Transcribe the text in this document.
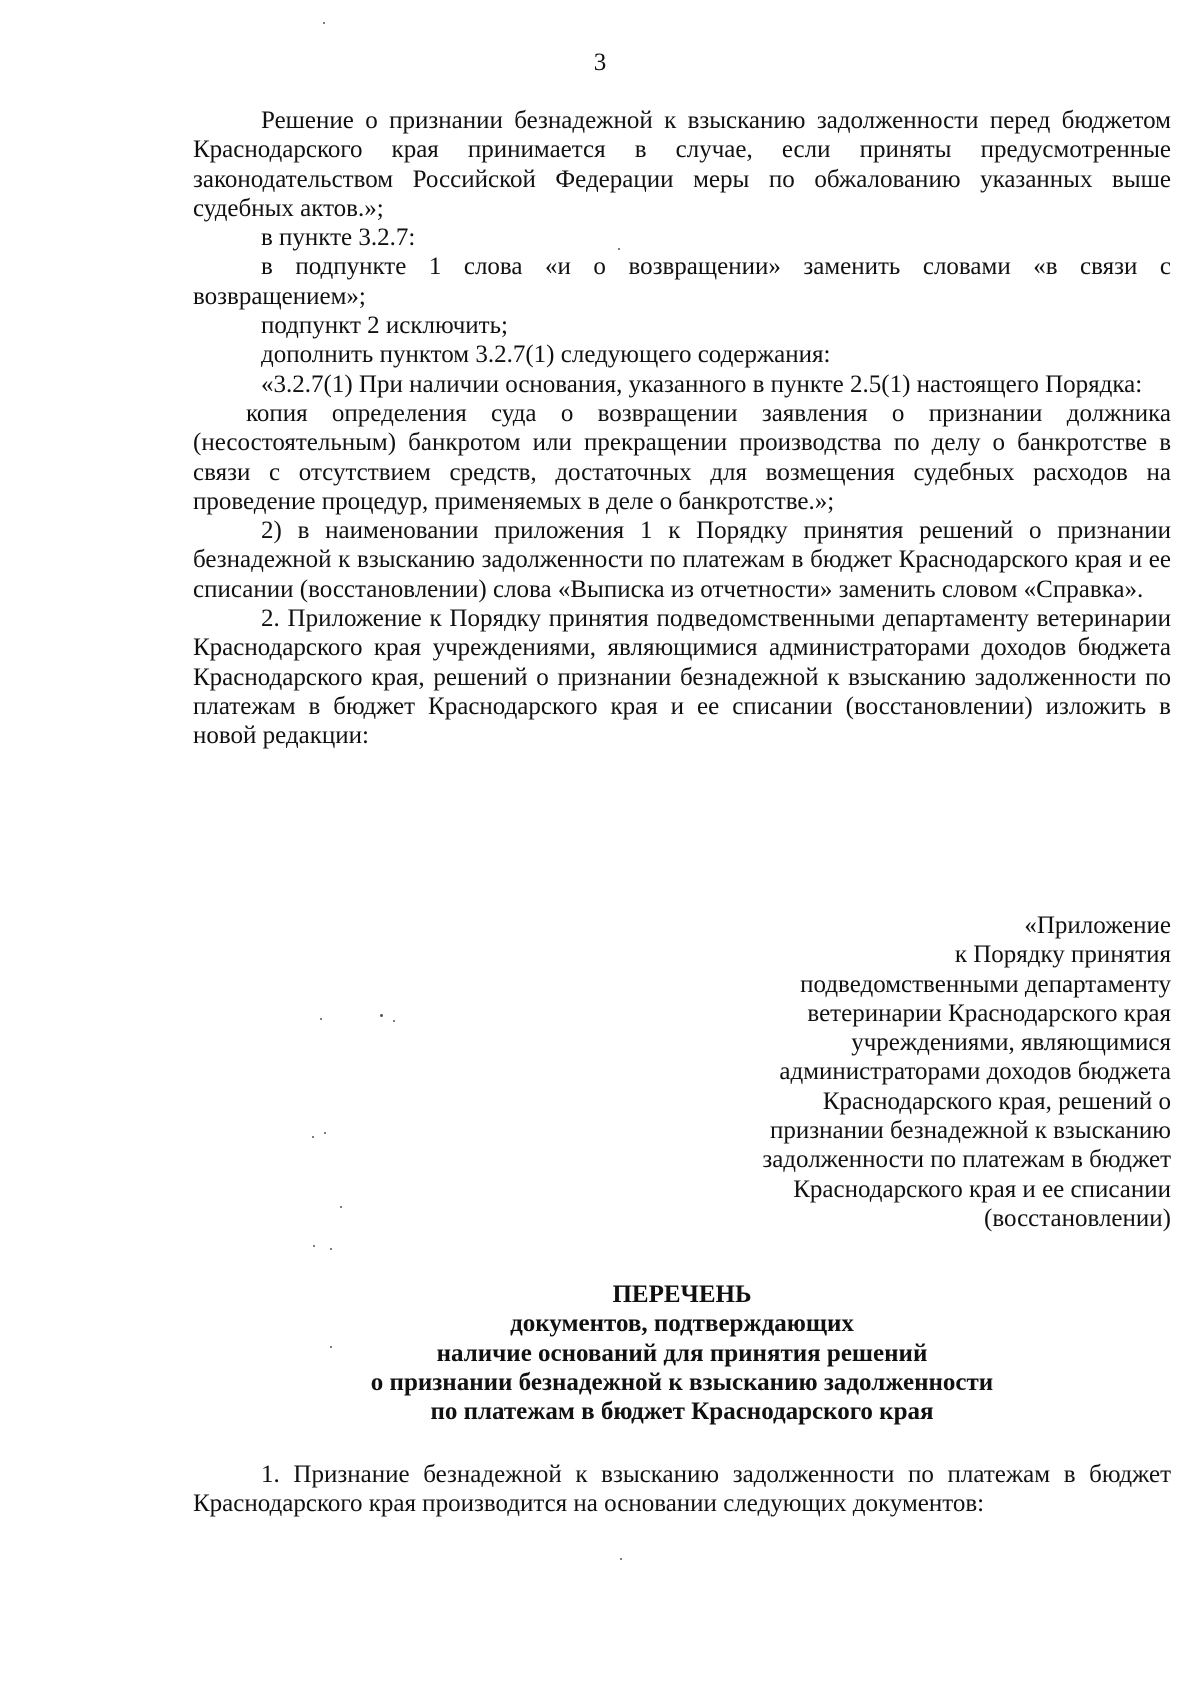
3

Решение о признании безнадежной к взысканию задолженности перед бюджетом Краснодарского края принимается в случае, если приняты предусмотренные законодательством Российской Федерации меры по обжалованию указанных выше судебных актов.»;

в пункте 3.2.7:

в подпункте 1 слова «и о возвращении» заменить словами «в связи с возвращением»;

подпункт 2 исключить;

дополнить пунктом 3.2.7(1) следующего содержания:

«3.2.7(1) При наличии основания, указанного в пункте 2.5(1) настоящего Порядка:

копия определения суда о возвращении заявления о признании должника (несостоятельным) банкротом или прекращении производства по делу о банкротстве в связи с отсутствием средств, достаточных для возмещения судебных расходов на проведение процедур, применяемых в деле о банкротстве.»;

2) в наименовании приложения 1 к Порядку принятия решений о признании безнадежной к взысканию задолженности по платежам в бюджет Краснодарского края и ее списании (восстановлении) слова «Выписка из отчетности» заменить словом «Справка».

2. Приложение к Порядку принятия подведомственными департаменту ветеринарии Краснодарского края учреждениями, являющимися администраторами доходов бюджета Краснодарского края, решений о признании безнадежной к взысканию задолженности по платежам в бюджет Краснодарского края и ее списании (восстановлении) изложить в новой редакции:

«Приложение
к Порядку принятия
подведомственными департаменту
ветеринарии Краснодарского края
учреждениями, являющимися
администраторами доходов бюджета
Краснодарского края, решений о
признании безнадежной к взысканию
задолженности по платежам в бюджет
Краснодарского края и ее списании
(восстановлении)
ПЕРЕЧЕНЬ
документов, подтверждающих
наличие оснований для принятия решений
о признании безнадежной к взысканию задолженности
по платежам в бюджет Краснодарского края

1. Признание безнадежной к взысканию задолженности по платежам в бюджет Краснодарского края производится на основании следующих документов:
